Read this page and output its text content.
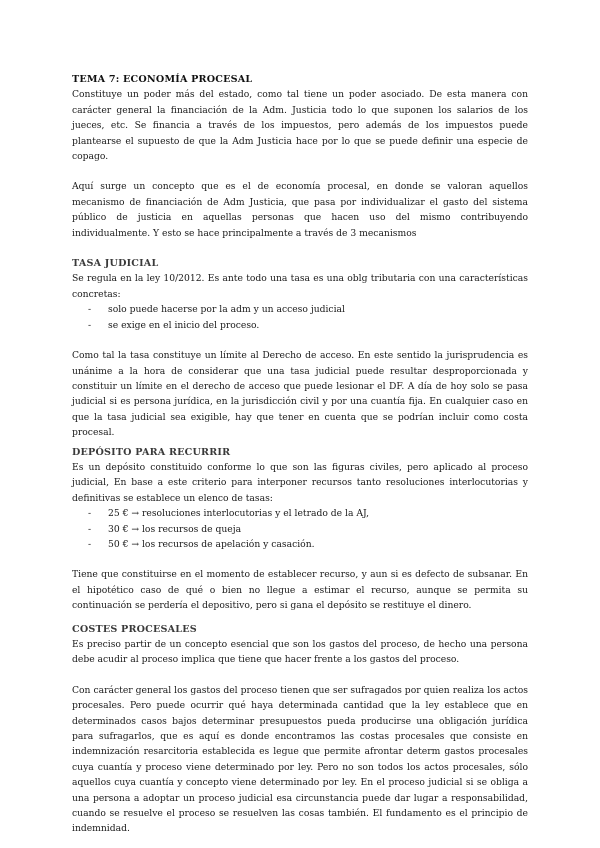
TEMA 7: ECONOMÍA PROCESAL

Constituye un poder más del estado, como tal tiene un poder asociado. De esta manera con carácter general la financiación de la Adm. Justicia todo lo que suponen los salarios de los jueces, etc. Se financia a través de los impuestos, pero además de los impuestos puede plantearse el supuesto de que la Adm Justicia hace por lo que se puede definir una especie de copago.

Aquí surge un concepto que es el de economía procesal, en donde se valoran aquellos mecanismo de financiación de Adm Justicia, que pasa por individualizar el gasto del sistema público de justicia en aquellas personas que hacen uso del mismo contribuyendo individualmente. Y esto se hace principalmente a través de 3 mecanismos

TASA JUDICIAL

Se regula en la ley 10/2012. Es ante todo una tasa es una oblg tributaria con una características concretas:

- solo puede hacerse por la adm y un acceso judicial
- se exige en el inicio del proceso.

Como tal la tasa constituye un límite al Derecho de acceso. En este sentido la jurisprudencia es unánime a la hora de considerar que una tasa judicial puede resultar desproporcionada y constituir un límite en el derecho de acceso que puede lesionar el DF. A día de hoy solo se pasa judicial si es persona jurídica, en la jurisdicción civil y por una cuantía fija. En cualquier caso en que la tasa judicial sea exigible, hay que tener en cuenta que se podrían incluir como costa procesal.

DEPÓSITO PARA RECURRIR

Es un depósito constituido conforme lo que son las figuras civiles, pero aplicado al proceso judicial, En base a este criterio para interponer recursos tanto resoluciones interlocutorias y definitivas se establece un elenco de tasas:

- 25 € → resoluciones interlocutorias y el letrado de la AJ,
- 30 € → los recursos de queja
- 50 € → los recursos de apelación y casación.

Tiene que constituirse en el momento de establecer recurso, y aun si es defecto de subsanar. En el hipotético caso de qué o bien no llegue a estimar el recurso, aunque se permita su continuación se perdería el depositivo, pero si gana el depósito se restituye el dinero.

COSTES PROCESALES

Es preciso partir de un concepto esencial que son los gastos del proceso, de hecho una persona debe acudir al proceso implica que tiene que hacer frente a los gastos del proceso.

Con carácter general los gastos del proceso tienen que ser sufragados por quien realiza los actos procesales. Pero puede ocurrir qué haya determinada cantidad que la ley establece que en determinados casos bajos determinar presupuestos pueda producirse una obligación jurídica para sufragarlos, que es aquí es donde encontramos las costas procesales que consiste en indemnización resarcitoria establecida es legue que permite afrontar determ gastos procesales cuya cuantía y proceso viene determinado por ley. Pero no son todos los actos procesales, sólo aquellos cuya cuantía y concepto viene determinado por ley. En el proceso judicial si se obliga a una persona a adoptar un proceso judicial esa circunstancia puede dar lugar a responsabilidad, cuando se resuelve el proceso se resuelven las cosas también. El fundamento es el principio de indemnidad.
